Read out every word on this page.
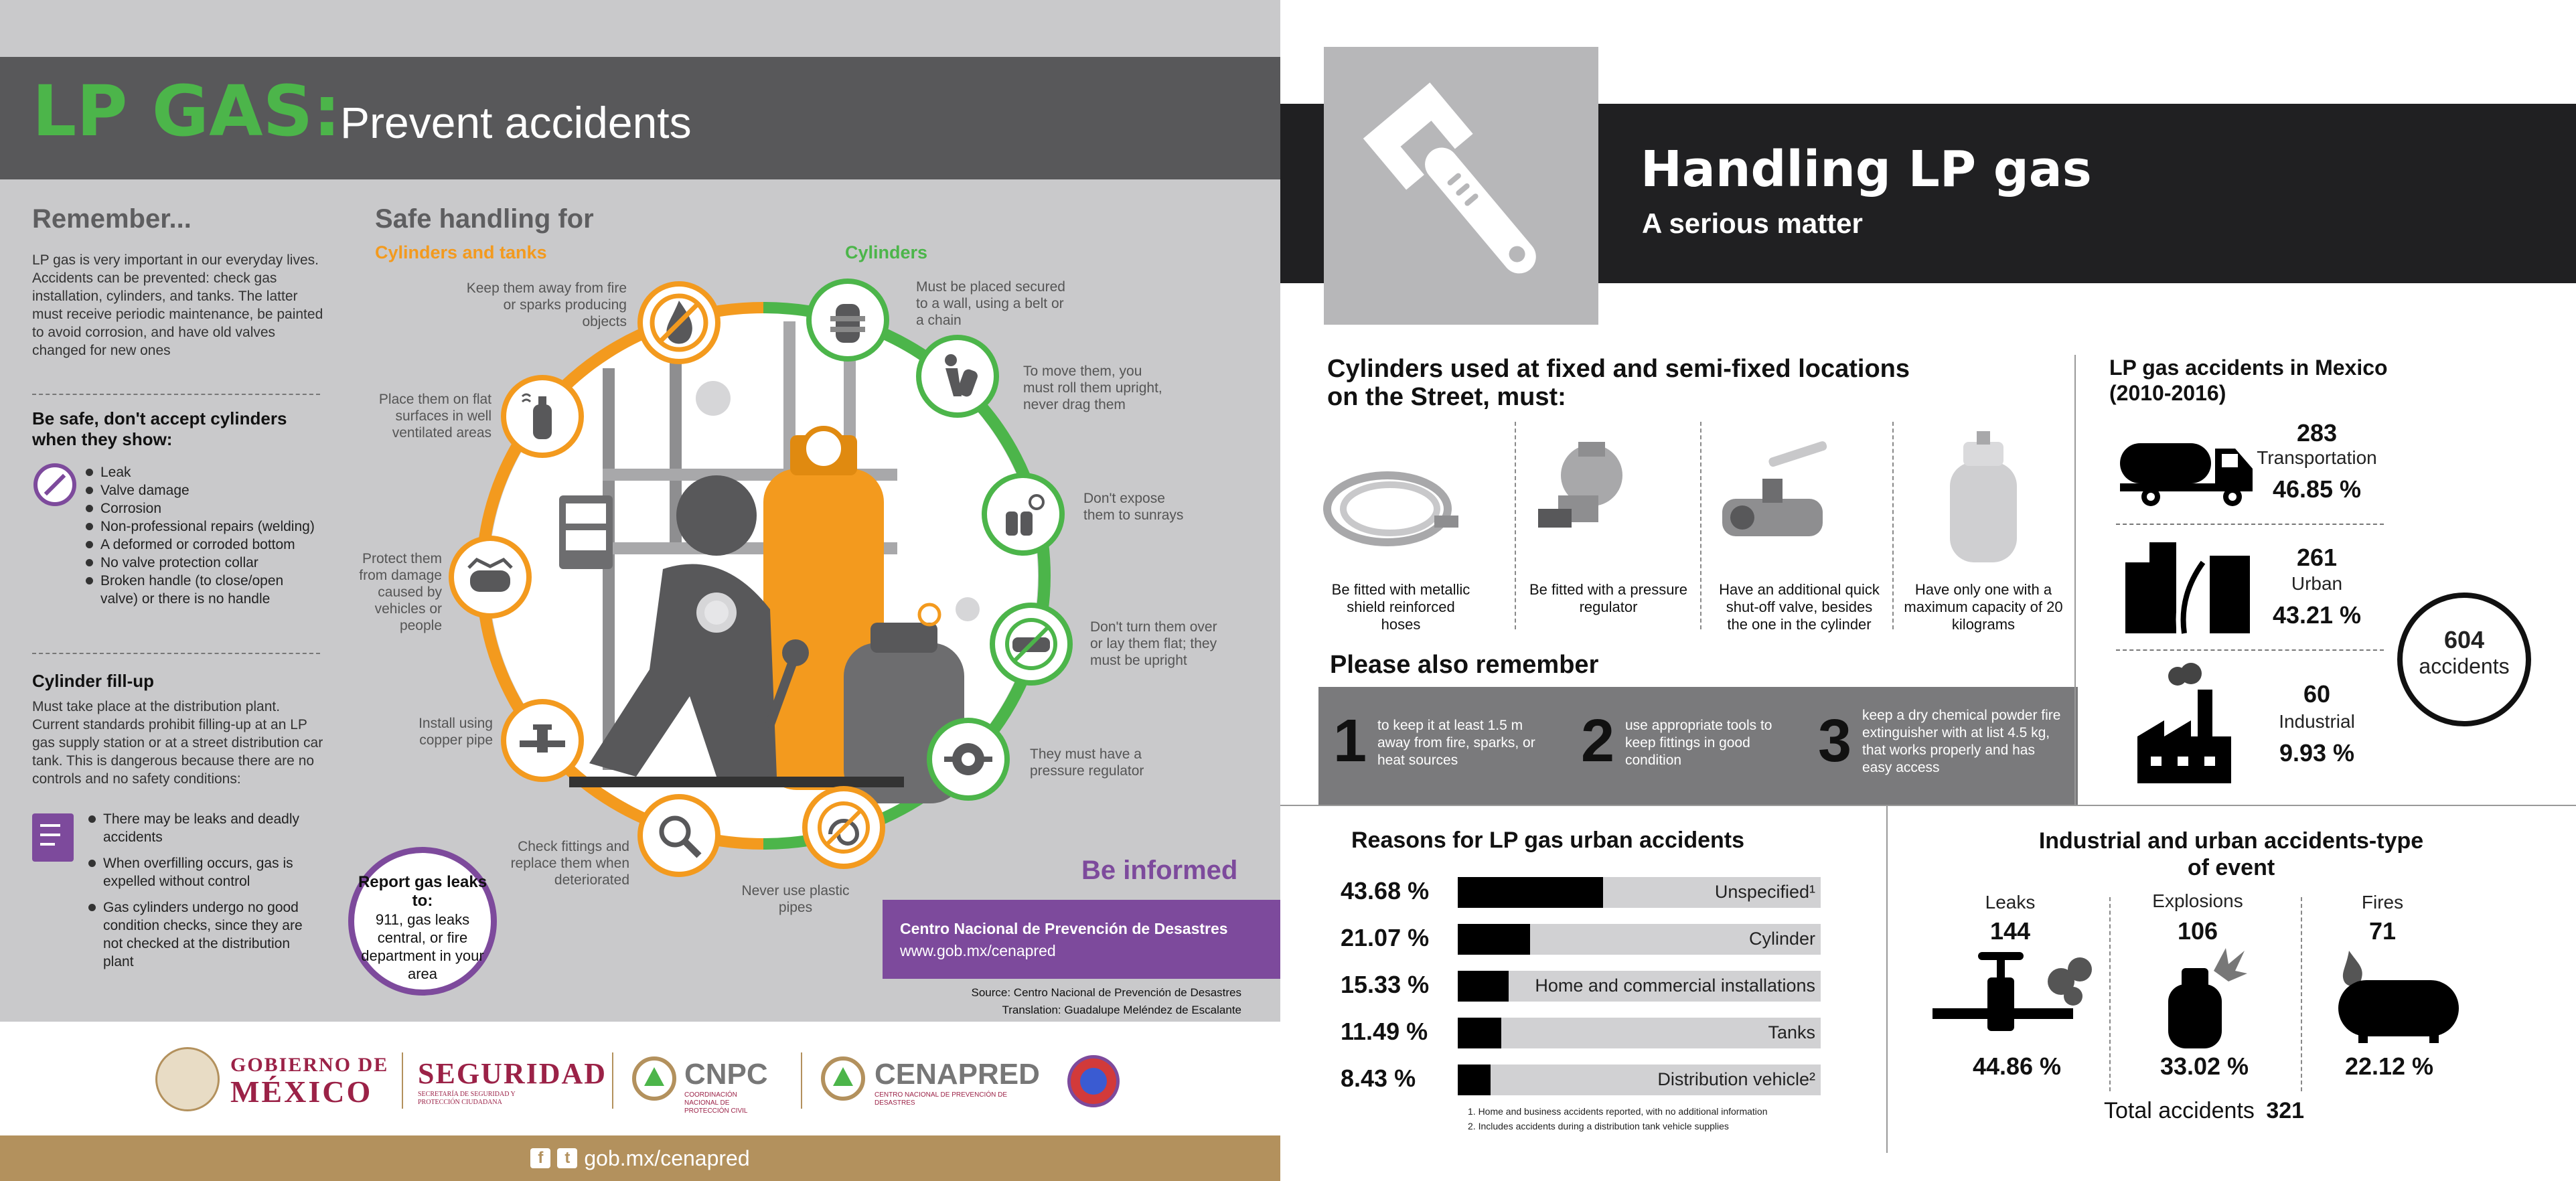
LP GAS:
Prevent accidents
Remember...
LP gas is very important in our everyday lives. Accidents can be prevented: check gas installation, cylinders, and tanks. The latter must receive periodic maintenance, be painted to avoid corrosion, and have old valves changed for new ones
Be safe, don't accept cylinders when they show:
Leak
Valve damage
Corrosion
Non-professional repairs (welding)
A deformed or corroded bottom
No valve protection collar
Broken handle (to close/open valve) or there is no handle
Cylinder fill-up
Must take place at the distribution plant. Current standards prohibit filling-up at an LP gas supply station or at a street distribution car tank. This is dangerous because there are no controls and no safety conditions:
There may be leaks and deadly accidents
When overfilling occurs, gas is expelled without control
Gas cylinders undergo no good condition checks, since they are not checked at the distribution plant
Safe handling for
Cylinders and tanks	Cylinders
Keep them away from fire or sparks producing objects
Place them on flat surfaces in well ventilated areas
Protect them from damage caused by vehicles or people
Install using copper pipe
Check fittings and replace them when deteriorated
Never use plastic pipes
Must be placed secured to a wall, using a belt or a chain
To move them, you must roll them upright, never drag them
Don't expose them to sunrays
Don't turn them over or lay them flat; they must be upright
They must have a pressure regulator
Report gas leaks to:
911, gas leaks central, or fire department in your area
Be informed
Centro Nacional de Prevención de Desastres
www.gob.mx/cenapred
Source: Centro Nacional de Prevención de Desastres
Translation: Guadalupe Meléndez de Escalante
GOBIERNO DE
MÉXICO
SEGURIDAD
SECRETARÍA DE SEGURIDAD Y PROTECCIÓN CIUDADANA
CNPC
COORDINACIÓN NACIONAL DE PROTECCIÓN CIVIL
CENAPRED
CENTRO NACIONAL DE PREVENCIÓN DE DESASTRES
f	t gob.mx/cenapred
Handling LP gas
A serious matter
Cylinders used at fixed and semi-fixed locations on the Street, must:
Be fitted with metallic shield reinforced hoses
Be fitted with a pressure regulator
Have an additional quick shut-off valve, besides the one in the cylinder
Have only one with a maximum capacity of 20 kilograms
Please also remember
1 to keep it at least 1.5 m away from fire, sparks, or heat sources	2 use appropriate tools to keep fittings in good condition	3 keep a dry chemical powder fire extinguisher with at list 4.5 kg, that works properly and has easy access
LP gas accidents in Mexico (2010-2016)
283
Transportation
46.85 %
261
Urban
43.21 %
60
Industrial
9.93 %
604
accidents
Reasons for LP gas urban accidents
43.68 %	Unspecified¹
21.07 %	Cylinder
15.33 %	Home and commercial installations
11.49 %	Tanks
8.43 %	Distribution vehicle²
1. Home and business accidents reported, with no additional information
2. Includes accidents during a distribution tank vehicle supplies
Industrial and urban accidents-type of event
Leaks
144
44.86 %
Explosions
106
33.02 %
Fires
71
22.12 %
Total accidents 321
